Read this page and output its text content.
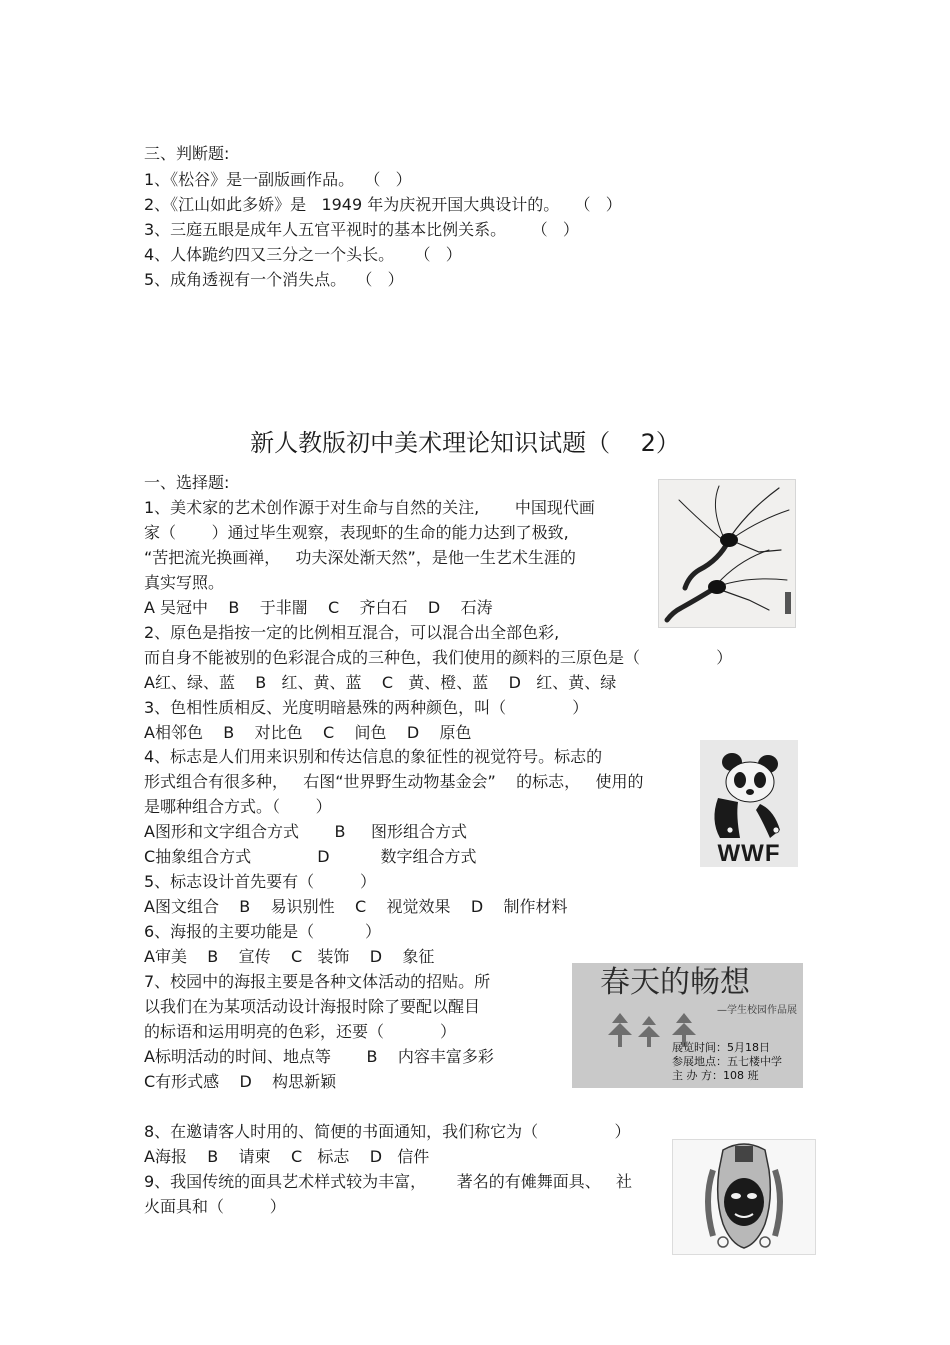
三、判断题:
1、《松谷》是一副版画作品。  （   ）
2、《江山如此多娇》是   1949 年为庆祝开国大典设计的。   （   ）
3、三庭五眼是成年人五官平视时的基本比例关系。     （   ）
4、人体跪约四又三分之一个头长。    （   ）
5、成角透视有一个消失点。  （   ）
新人教版初中美术理论知识试题（    2）
一、选择题:
1、美术家的艺术创作源于对生命与自然的关注,       中国现代画
家（       ）通过毕生观察，表现虾的生命的能力达到了极致,
“苦把流光换画禅，   功夫深处渐天然”，是他一生艺术生涯的
真实写照。
A 吴冠中    B    于非闇    C    齐白石    D    石涛
2、原色是指按一定的比例相互混合，可以混合出全部色彩,
而自身不能被别的色彩混合成的三种色，我们使用的颜料的三原色是（               ）
A红、绿、蓝    B   红、黄、蓝    C   黄、橙、蓝    D   红、黄、绿
3、色相性质相反、光度明暗悬殊的两种颜色，叫（             ）
A相邻色    B    对比色    C    间色    D    原色
4、标志是人们用来识别和传达信息的象征性的视觉符号。标志的
形式组合有很多种，   右图“世界野生动物基金会”    的标志，   使用的
是哪种组合方式。（       ）
A图形和文字组合方式       B     图形组合方式
C抽象组合方式             D          数字组合方式
5、标志设计首先要有（         ）
A图文组合    B    易识别性    C    视觉效果    D    制作材料
6、海报的主要功能是（          ）
A审美    B    宣传    C   装饰    D    象征
7、校园中的海报主要是各种文体活动的招贴。所
以我们在为某项活动设计海报时除了要配以醒目
的标语和运用明亮的色彩，还要（           ）
A标明活动的时间、地点等       B    内容丰富多彩
C有形式感    D    构思新颖
8、在邀请客人时用的、简便的书面通知，我们称它为（               ）
A海报    B    请柬    C   标志    D   信件
9、我国传统的面具艺术样式较为丰富，      著名的有傩舞面具、   社
火面具和（         ）
WWF
春天的畅想
—学生校园作品展
展览时间：5月18日
参展地点：五七楼中学
主 办 方：108 班
